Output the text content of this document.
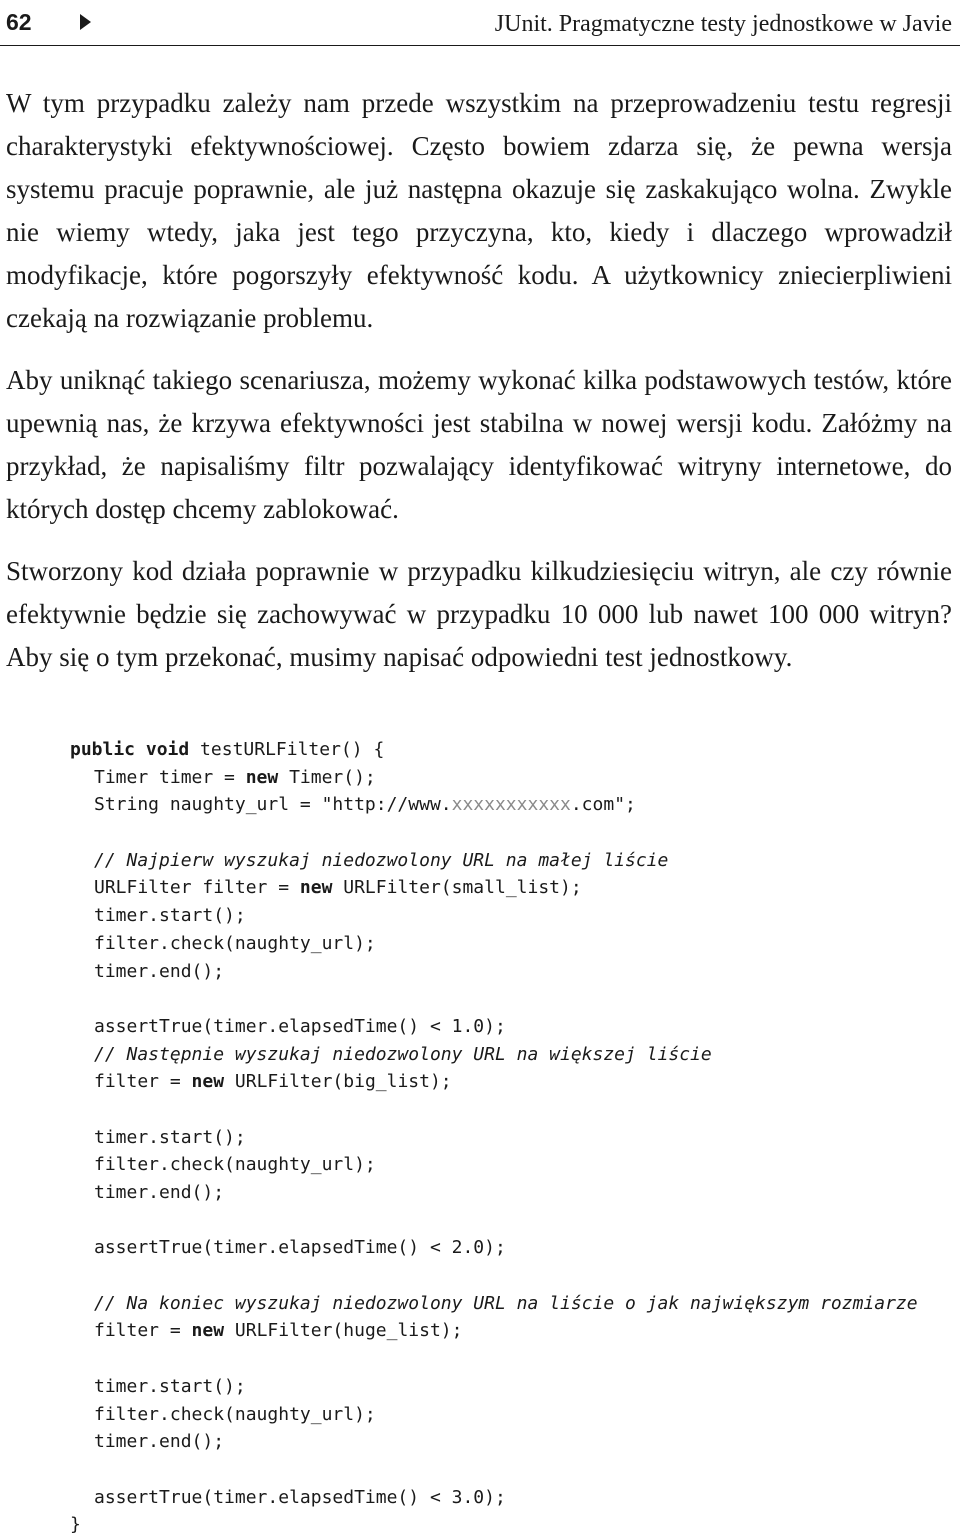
62	JUnit. Pragmatyczne testy jednostkowe w Javie

W tym przypadku zależy nam przede wszystkim na przeprowadzeniu testu regresji charakterystyki efektywnościowej. Często bowiem zdarza się, że pewna wersja systemu pracuje poprawnie, ale już następna okazuje się zaskakująco wolna. Zwykle nie wiemy wtedy, jaka jest tego przyczyna, kto, kiedy i dlaczego wprowadził modyfikacje, które pogorszyły efektywność kodu. A użytkownicy zniecierpliwieni czekają na rozwiązanie problemu.

Aby uniknąć takiego scenariusza, możemy wykonać kilka podstawowych testów, które upewnią nas, że krzywa efektywności jest stabilna w nowej wersji kodu. Załóżmy na przykład, że napisaliśmy filtr pozwalający identyfikować witryny internetowe, do których dostęp chcemy zablokować.

Stworzony kod działa poprawnie w przypadku kilkudziesięciu witryn, ale czy równie efektywnie będzie się zachowywać w przypadku 10 000 lub nawet 100 000 witryn? Aby się o tym przekonać, musimy napisać odpowiedni test jednostkowy.

public void testURLFilter() {
Timer timer = new Timer();
String naughty_url = "http://www.xxxxxxxxxxx.com";

// Najpierw wyszukaj niedozwolony URL na małej liście
URLFilter filter = new URLFilter(small_list);
timer.start();
filter.check(naughty_url);
timer.end();

assertTrue(timer.elapsedTime() < 1.0);
// Następnie wyszukaj niedozwolony URL na większej liście
filter = new URLFilter(big_list);

timer.start();
filter.check(naughty_url);
timer.end();

assertTrue(timer.elapsedTime() < 2.0);

// Na koniec wyszukaj niedozwolony URL na liście o jak największym rozmiarze
filter = new URLFilter(huge_list);

timer.start();
filter.check(naughty_url);
timer.end();

assertTrue(timer.elapsedTime() < 3.0);
}
